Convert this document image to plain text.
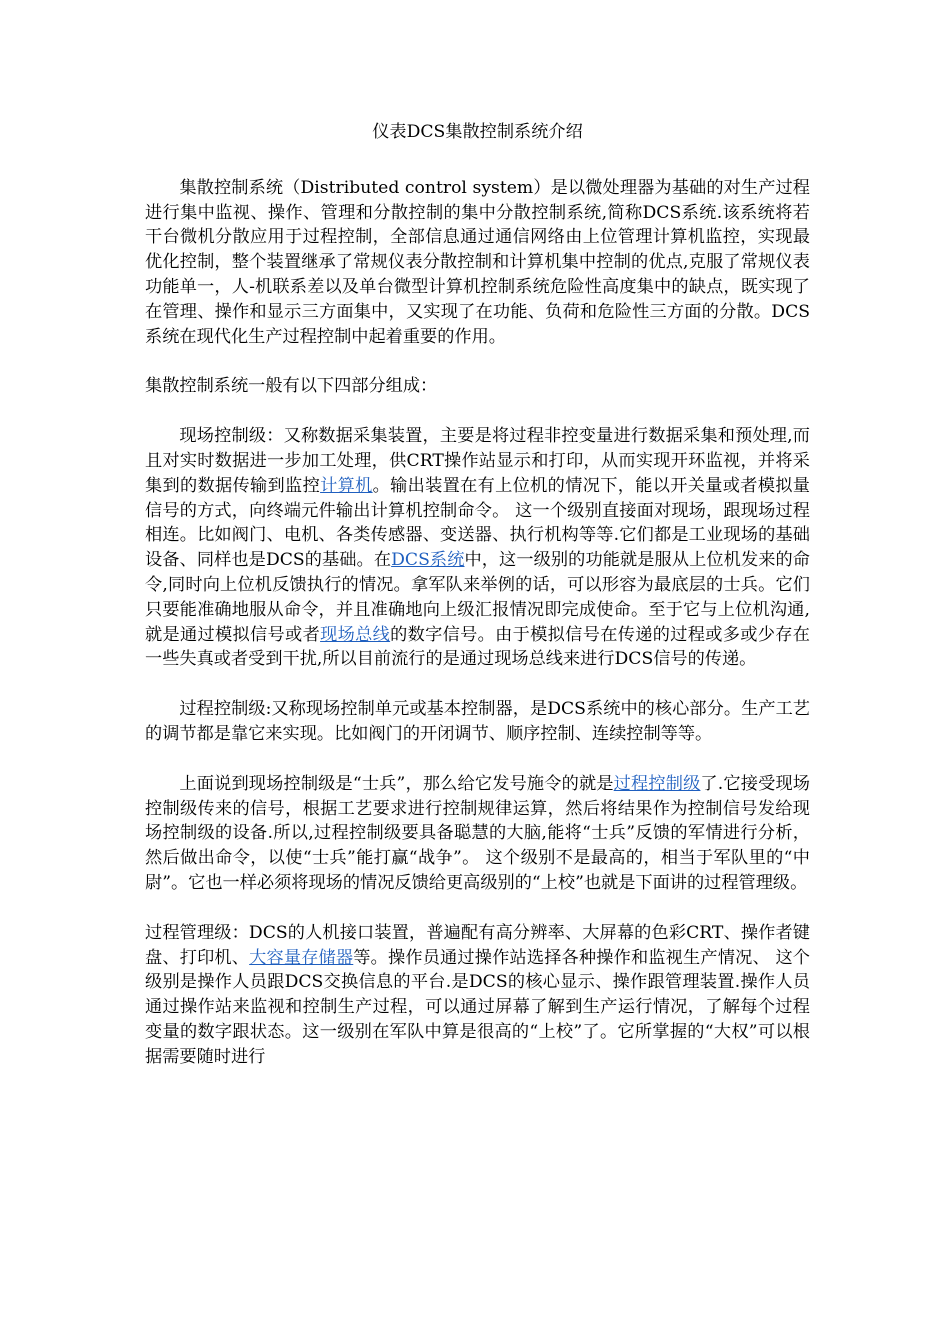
仪表DCS集散控制系统介绍

集散控制系统（Distributed control system）是以微处理器为基础的对生产过程进行集中监视、操作、管理和分散控制的集中分散控制系统,简称DCS系统.该系统将若干台微机分散应用于过程控制，全部信息通过通信网络由上位管理计算机监控，实现最优化控制，整个装置继承了常规仪表分散控制和计算机集中控制的优点,克服了常规仪表功能单一，人-机联系差以及单台微型计算机控制系统危险性高度集中的缺点，既实现了在管理、操作和显示三方面集中，又实现了在功能、负荷和危险性三方面的分散。DCS系统在现代化生产过程控制中起着重要的作用。

集散控制系统一般有以下四部分组成：

现场控制级：又称数据采集装置，主要是将过程非控变量进行数据采集和预处理,而且对实时数据进一步加工处理，供CRT操作站显示和打印，从而实现开环监视，并将采集到的数据传输到监控计算机。输出装置在有上位机的情况下，能以开关量或者模拟量信号的方式，向终端元件输出计算机控制命令。 这一个级别直接面对现场，跟现场过程相连。比如阀门、电机、各类传感器、变送器、执行机构等等.它们都是工业现场的基础设备、同样也是DCS的基础。在DCS系统中，这一级别的功能就是服从上位机发来的命令,同时向上位机反馈执行的情况。拿军队来举例的话，可以形容为最底层的士兵。它们只要能准确地服从命令，并且准确地向上级汇报情况即完成使命。至于它与上位机沟通,就是通过模拟信号或者现场总线的数字信号。由于模拟信号在传递的过程或多或少存在一些失真或者受到干扰,所以目前流行的是通过现场总线来进行DCS信号的传递。

过程控制级:又称现场控制单元或基本控制器，是DCS系统中的核心部分。生产工艺的调节都是靠它来实现。比如阀门的开闭调节、顺序控制、连续控制等等。

上面说到现场控制级是“士兵”，那么给它发号施令的就是过程控制级了.它接受现场控制级传来的信号，根据工艺要求进行控制规律运算，然后将结果作为控制信号发给现场控制级的设备.所以,过程控制级要具备聪慧的大脑,能将“士兵”反馈的军情进行分析，然后做出命令，以使“士兵”能打赢“战争”。 这个级别不是最高的，相当于军队里的“中尉”。它也一样必须将现场的情况反馈给更高级别的“上校”也就是下面讲的过程管理级。

过程管理级：DCS的人机接口装置，普遍配有高分辨率、大屏幕的色彩CRT、操作者键盘、打印机、大容量存储器等。操作员通过操作站选择各种操作和监视生产情况、 这个级别是操作人员跟DCS交换信息的平台.是DCS的核心显示、操作跟管理装置.操作人员通过操作站来监视和控制生产过程，可以通过屏幕了解到生产运行情况，了解每个过程变量的数字跟状态。这一级别在军队中算是很高的“上校”了。它所掌握的“大权”可以根据需要随时进行
